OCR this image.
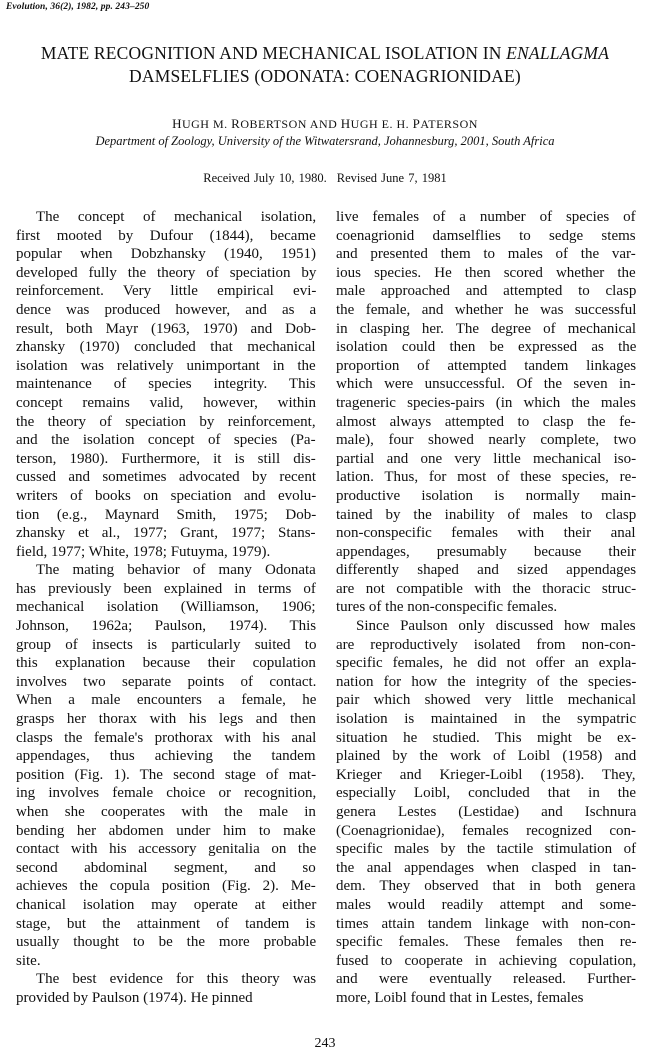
Evolution, 36(2), 1982, pp. 243–250
MATE RECOGNITION AND MECHANICAL ISOLATION IN ENALLAGMA
DAMSELFLIES (ODONATA: COENAGRIONIDAE)
HUGH M. ROBERTSON AND HUGH E. H. PATERSON
Department of Zoology, University of the Witwatersrand, Johannesburg, 2001, South Africa
Received July 10, 1980. Revised June 7, 1981
The concept of mechanical isolation,
first mooted by Dufour (1844), became
popular when Dobzhansky (1940, 1951)
developed fully the theory of speciation by
reinforcement. Very little empirical evi-
dence was produced however, and as a
result, both Mayr (1963, 1970) and Dob-
zhansky (1970) concluded that mechanical
isolation was relatively unimportant in the
maintenance of species integrity. This
concept remains valid, however, within
the theory of speciation by reinforcement,
and the isolation concept of species (Pa-
terson, 1980). Furthermore, it is still dis-
cussed and sometimes advocated by recent
writers of books on speciation and evolu-
tion (e.g., Maynard Smith, 1975; Dob-
zhansky et al., 1977; Grant, 1977; Stans-
field, 1977; White, 1978; Futuyma, 1979).
The mating behavior of many Odonata
has previously been explained in terms of
mechanical isolation (Williamson, 1906;
Johnson, 1962a; Paulson, 1974). This
group of insects is particularly suited to
this explanation because their copulation
involves two separate points of contact.
When a male encounters a female, he
grasps her thorax with his legs and then
clasps the female's prothorax with his anal
appendages, thus achieving the tandem
position (Fig. 1). The second stage of mat-
ing involves female choice or recognition,
when she cooperates with the male in
bending her abdomen under him to make
contact with his accessory genitalia on the
second abdominal segment, and so
achieves the copula position (Fig. 2). Me-
chanical isolation may operate at either
stage, but the attainment of tandem is
usually thought to be the more probable
site.
The best evidence for this theory was
provided by Paulson (1974). He pinned
live females of a number of species of
coenagrionid damselflies to sedge stems
and presented them to males of the var-
ious species. He then scored whether the
male approached and attempted to clasp
the female, and whether he was successful
in clasping her. The degree of mechanical
isolation could then be expressed as the
proportion of attempted tandem linkages
which were unsuccessful. Of the seven in-
trageneric species-pairs (in which the males
almost always attempted to clasp the fe-
male), four showed nearly complete, two
partial and one very little mechanical iso-
lation. Thus, for most of these species, re-
productive isolation is normally main-
tained by the inability of males to clasp
non-conspecific females with their anal
appendages, presumably because their
differently shaped and sized appendages
are not compatible with the thoracic struc-
tures of the non-conspecific females.
Since Paulson only discussed how males
are reproductively isolated from non-con-
specific females, he did not offer an expla-
nation for how the integrity of the species-
pair which showed very little mechanical
isolation is maintained in the sympatric
situation he studied. This might be ex-
plained by the work of Loibl (1958) and
Krieger and Krieger-Loibl (1958). They,
especially Loibl, concluded that in the
genera Lestes (Lestidae) and Ischnura
(Coenagrionidae), females recognized con-
specific males by the tactile stimulation of
the anal appendages when clasped in tan-
dem. They observed that in both genera
males would readily attempt and some-
times attain tandem linkage with non-con-
specific females. These females then re-
fused to cooperate in achieving copulation,
and were eventually released. Further-
more, Loibl found that in Lestes, females
243
